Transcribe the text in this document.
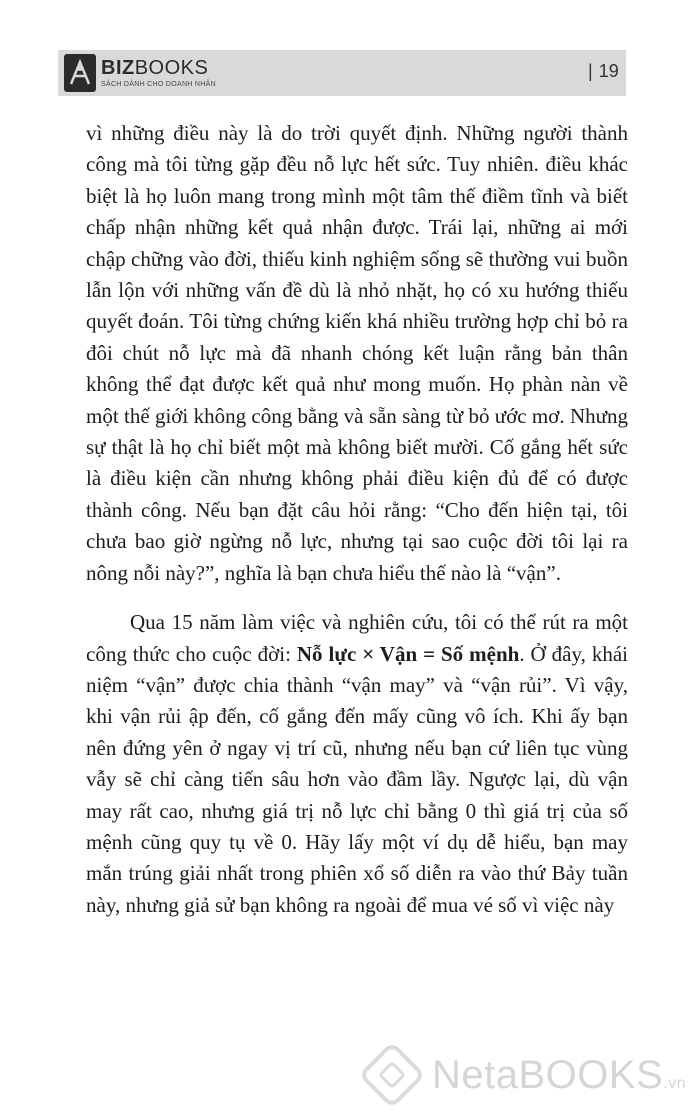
BIZBOOKS
SÁCH DÀNH CHO DOANH NHÂN
| 19

vì những điều này là do trời quyết định. Những người thành công mà tôi từng gặp đều nỗ lực hết sức. Tuy nhiên. điều khác biệt là họ luôn mang trong mình một tâm thế điềm tĩnh và biết chấp nhận những kết quả nhận được. Trái lại, những ai mới chập chững vào đời, thiếu kinh nghiệm sống sẽ thường vui buồn lẫn lộn với những vấn đề dù là nhỏ nhặt, họ có xu hướng thiếu quyết đoán. Tôi từng chứng kiến khá nhiều trường hợp chỉ bỏ ra đôi chút nỗ lực mà đã nhanh chóng kết luận rằng bản thân không thể đạt được kết quả như mong muốn. Họ phàn nàn về một thế giới không công bằng và sẵn sàng từ bỏ ước mơ. Nhưng sự thật là họ chỉ biết một mà không biết mười. Cố gắng hết sức là điều kiện cần nhưng không phải điều kiện đủ để có được thành công. Nếu bạn đặt câu hỏi rằng: “Cho đến hiện tại, tôi chưa bao giờ ngừng nỗ lực, nhưng tại sao cuộc đời tôi lại ra nông nỗi này?”, nghĩa là bạn chưa hiểu thế nào là “vận”.

Qua 15 năm làm việc và nghiên cứu, tôi có thể rút ra một công thức cho cuộc đời: Nỗ lực × Vận = Số mệnh. Ở đây, khái niệm “vận” được chia thành “vận may” và “vận rủi”. Vì vậy, khi vận rủi ập đến, cố gắng đến mấy cũng vô ích. Khi ấy bạn nên đứng yên ở ngay vị trí cũ, nhưng nếu bạn cứ liên tục vùng vẫy sẽ chỉ càng tiến sâu hơn vào đầm lầy. Ngược lại, dù vận may rất cao, nhưng giá trị nỗ lực chỉ bằng 0 thì giá trị của số mệnh cũng quy tụ về 0. Hãy lấy một ví dụ dễ hiểu, bạn may mắn trúng giải nhất trong phiên xổ số diễn ra vào thứ Bảy tuần này, nhưng giả sử bạn không ra ngoài để mua vé số vì việc này

NetaBOOKS.vn
